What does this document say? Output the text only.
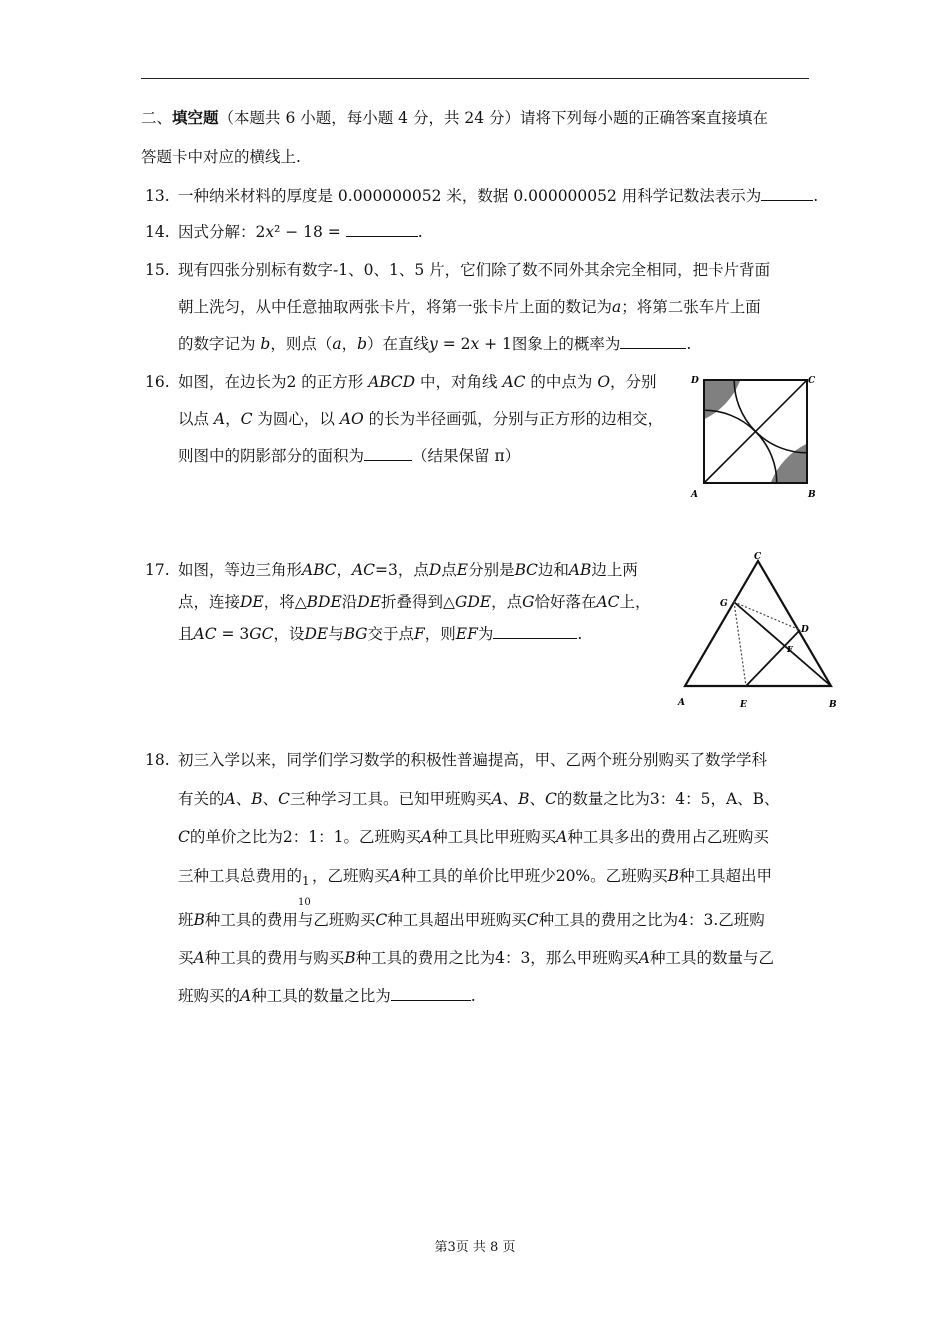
二、填空题（本题共 6 小题，每小题 4 分，共 24 分）请将下列每小题的正确答案直接填在
答题卡中对应的横线上.
13. 一种纳米材料的厚度是 0.000000052 米，数据 0.000000052 用科学记数法表示为	.
14. 因式分解：2𝑥² − 18 =	.
15. 现有四张分别标有数字-1、0、1、5 片，它们除了数不同外其余完全相同，把卡片背面
朝上洗匀，从中任意抽取两张卡片，将第一张卡片上面的数记为𝑎；将第二张车片上面
的数字记为 𝑏，则点（𝑎，𝑏）在直线𝑦 = 2𝑥 + 1图象上的概率为	.
16. 如图，在边长为2 的正方形 𝐴𝐵𝐶𝐷 中，对角线 𝐴𝐶 的中点为 𝑂，分别
以点 𝐴，𝐶 为圆心，以 𝐴𝑂 的长为半径画弧，分别与正方形的边相交，
则图中的阴影部分的面积为	（结果保留 π）
D	C
A	B
17. 如图，等边三角形𝐴𝐵𝐶，𝐴𝐶=3，点𝐷点𝐸分别是𝐵𝐶边和𝐴𝐵边上两
点，连接𝐷𝐸，将△𝐵𝐷𝐸沿𝐷𝐸折叠得到△𝐺𝐷𝐸，点𝐺恰好落在𝐴𝐶上，
且𝐴𝐶 = 3𝐺𝐶，设𝐷𝐸与𝐵𝐺交于点𝐹，则𝐸𝐹为	.
C
G
D
F
A	E	B
18. 初三入学以来，同学们学习数学的积极性普遍提高，甲、乙两个班分别购买了数学学科
有关的𝐴、𝐵、𝐶三种学习工具。已知甲班购买𝐴、𝐵、𝐶的数量之比为3：4：5，A、B、
𝐶的单价之比为2：1：1。乙班购买𝐴种工具比甲班购买𝐴种工具多出的费用占乙班购买
三种工具总费用的 1
10
，乙班购买𝐴种工具的单价比甲班少20%。乙班购买𝐵种工具超出甲
班𝐵种工具的费用与乙班购买𝐶种工具超出甲班购买𝐶种工具的费用之比为4：3.乙班购
买𝐴种工具的费用与购买𝐵种工具的费用之比为4：3，那么甲班购买𝐴种工具的数量与乙
班购买的𝐴种工具的数量之比为	.
第3页 共 8 页
